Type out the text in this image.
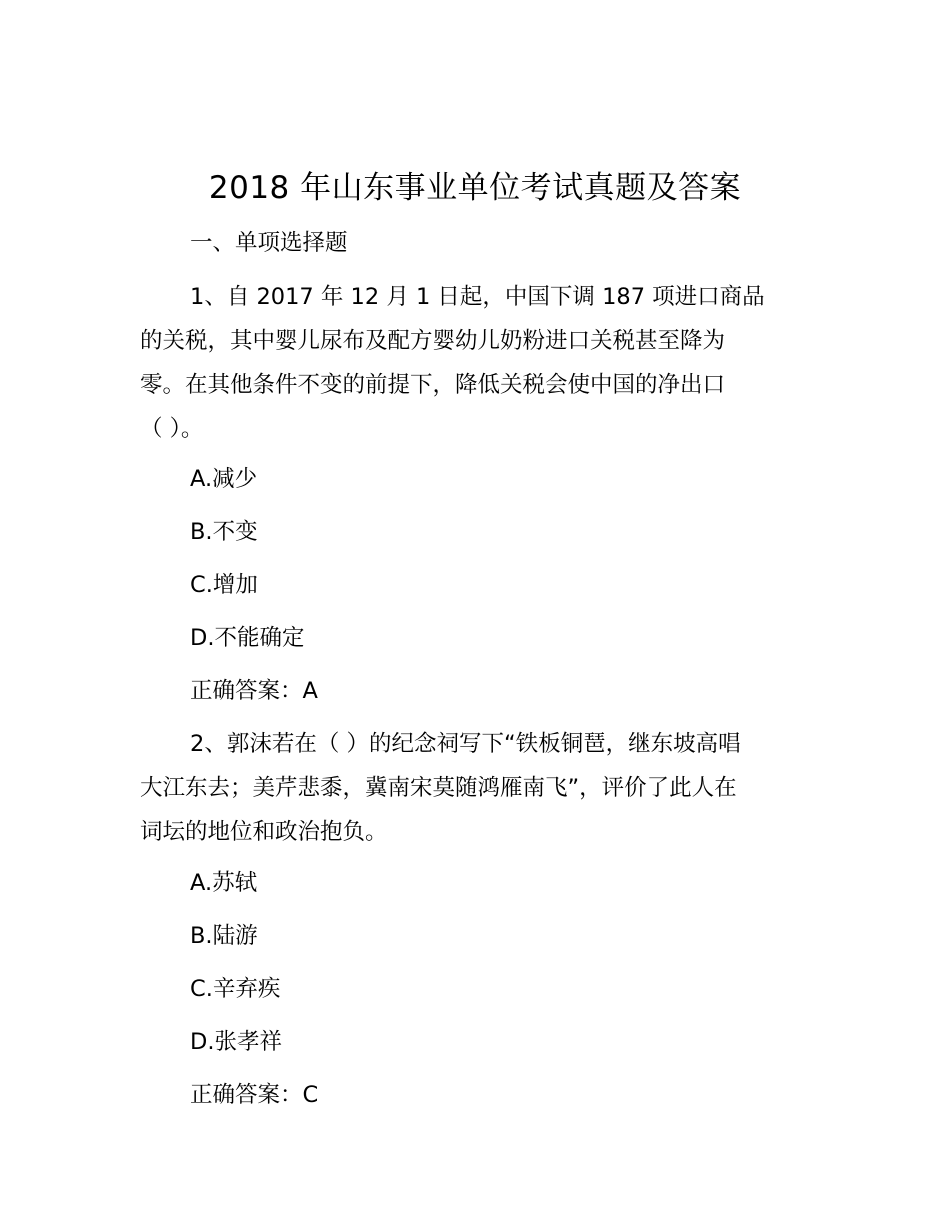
2018 年山东事业单位考试真题及答案
一、单项选择题
1、自 2017 年 12 月 1 日起，中国下调 187 项进口商品
的关税，其中婴儿尿布及配方婴幼儿奶粉进口关税甚至降为
零。在其他条件不变的前提下，降低关税会使中国的净出口
（ ）。
A.减少
B.不变
C.增加
D.不能确定
正确答案：A
2、郭沫若在（ ）的纪念祠写下“铁板铜琶，继东坡高唱
大江东去；美芹悲黍，冀南宋莫随鸿雁南飞”，评价了此人在
词坛的地位和政治抱负。
A.苏轼
B.陆游
C.辛弃疾
D.张孝祥
正确答案：C
